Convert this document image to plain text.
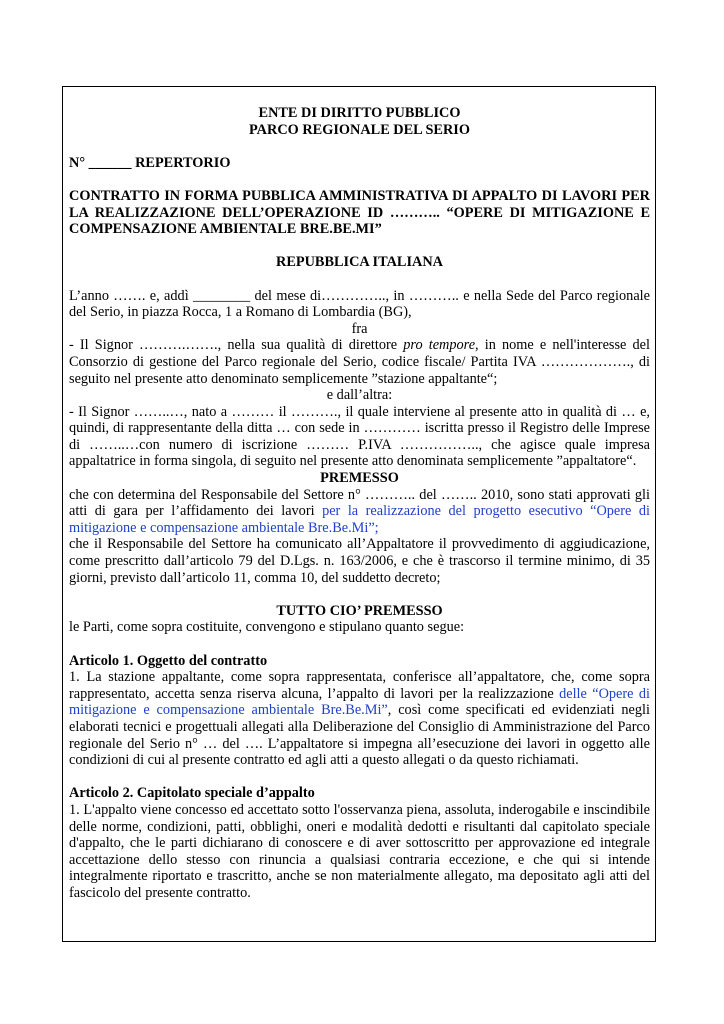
ENTE DI DIRITTO PUBBLICO

PARCO REGIONALE DEL SERIO

N° ______ REPERTORIO

CONTRATTO IN FORMA PUBBLICA AMMINISTRATIVA DI APPALTO DI LAVORI PER LA REALIZZAZIONE DELL’OPERAZIONE ID ……….. “OPERE DI MITIGAZIONE E COMPENSAZIONE AMBIENTALE BRE.BE.MI”

REPUBBLICA ITALIANA

L’anno ……. e, addì ________ del mese di………….., in ……….. e nella Sede del Parco regionale del Serio, in piazza Rocca, 1 a Romano di Lombardia (BG),

fra

- Il Signor ……….……., nella sua qualità di direttore pro tempore, in nome e nell'interesse del Consorzio di gestione del Parco regionale del Serio, codice fiscale/ Partita IVA ………………., di seguito nel presente atto denominato semplicemente ”stazione appaltante“;

e dall’altra:

- Il Signor ……..…, nato a ……… il ………., il quale interviene al presente atto in qualità di … e, quindi, di rappresentante della ditta … con sede in ………… iscritta presso il Registro delle Imprese di ……..…con numero di iscrizione ……… P.IVA …………….., che agisce quale impresa appaltatrice in forma singola, di seguito nel presente atto denominata semplicemente ”appaltatore“.

PREMESSO

che con determina del Responsabile del Settore n° ……….. del …….. 2010, sono stati approvati gli atti di gara per l’affidamento dei lavori per la realizzazione del progetto esecutivo “Opere di mitigazione e compensazione ambientale Bre.Be.Mi”;

che il Responsabile del Settore ha comunicato all’Appaltatore il provvedimento di aggiudicazione, come prescritto dall’articolo 79 del D.Lgs. n. 163/2006, e che è trascorso il termine minimo, di 35 giorni, previsto dall’articolo 11, comma 10, del suddetto decreto;

TUTTO CIO’ PREMESSO

le Parti, come sopra costituite, convengono e stipulano quanto segue:

Articolo 1. Oggetto del contratto

1. La stazione appaltante, come sopra rappresentata, conferisce all’appaltatore, che, come sopra rappresentato, accetta senza riserva alcuna, l’appalto di lavori per la realizzazione delle “Opere di mitigazione e compensazione ambientale Bre.Be.Mi”, così come specificati ed evidenziati negli elaborati tecnici e progettuali allegati alla Deliberazione del Consiglio di Amministrazione del Parco regionale del Serio n° … del …. L’appaltatore si impegna all’esecuzione dei lavori in oggetto alle condizioni di cui al presente contratto ed agli atti a questo allegati o da questo richiamati.

Articolo 2. Capitolato speciale d’appalto

1. L'appalto viene concesso ed accettato sotto l'osservanza piena, assoluta, inderogabile e inscindibile delle norme, condizioni, patti, obblighi, oneri e modalità dedotti e risultanti dal capitolato speciale d'appalto, che le parti dichiarano di conoscere e di aver sottoscritto per approvazione ed integrale accettazione dello stesso con rinuncia a qualsiasi contraria eccezione, e che qui si intende integralmente riportato e trascritto, anche se non materialmente allegato, ma depositato agli atti del fascicolo del presente contratto.
